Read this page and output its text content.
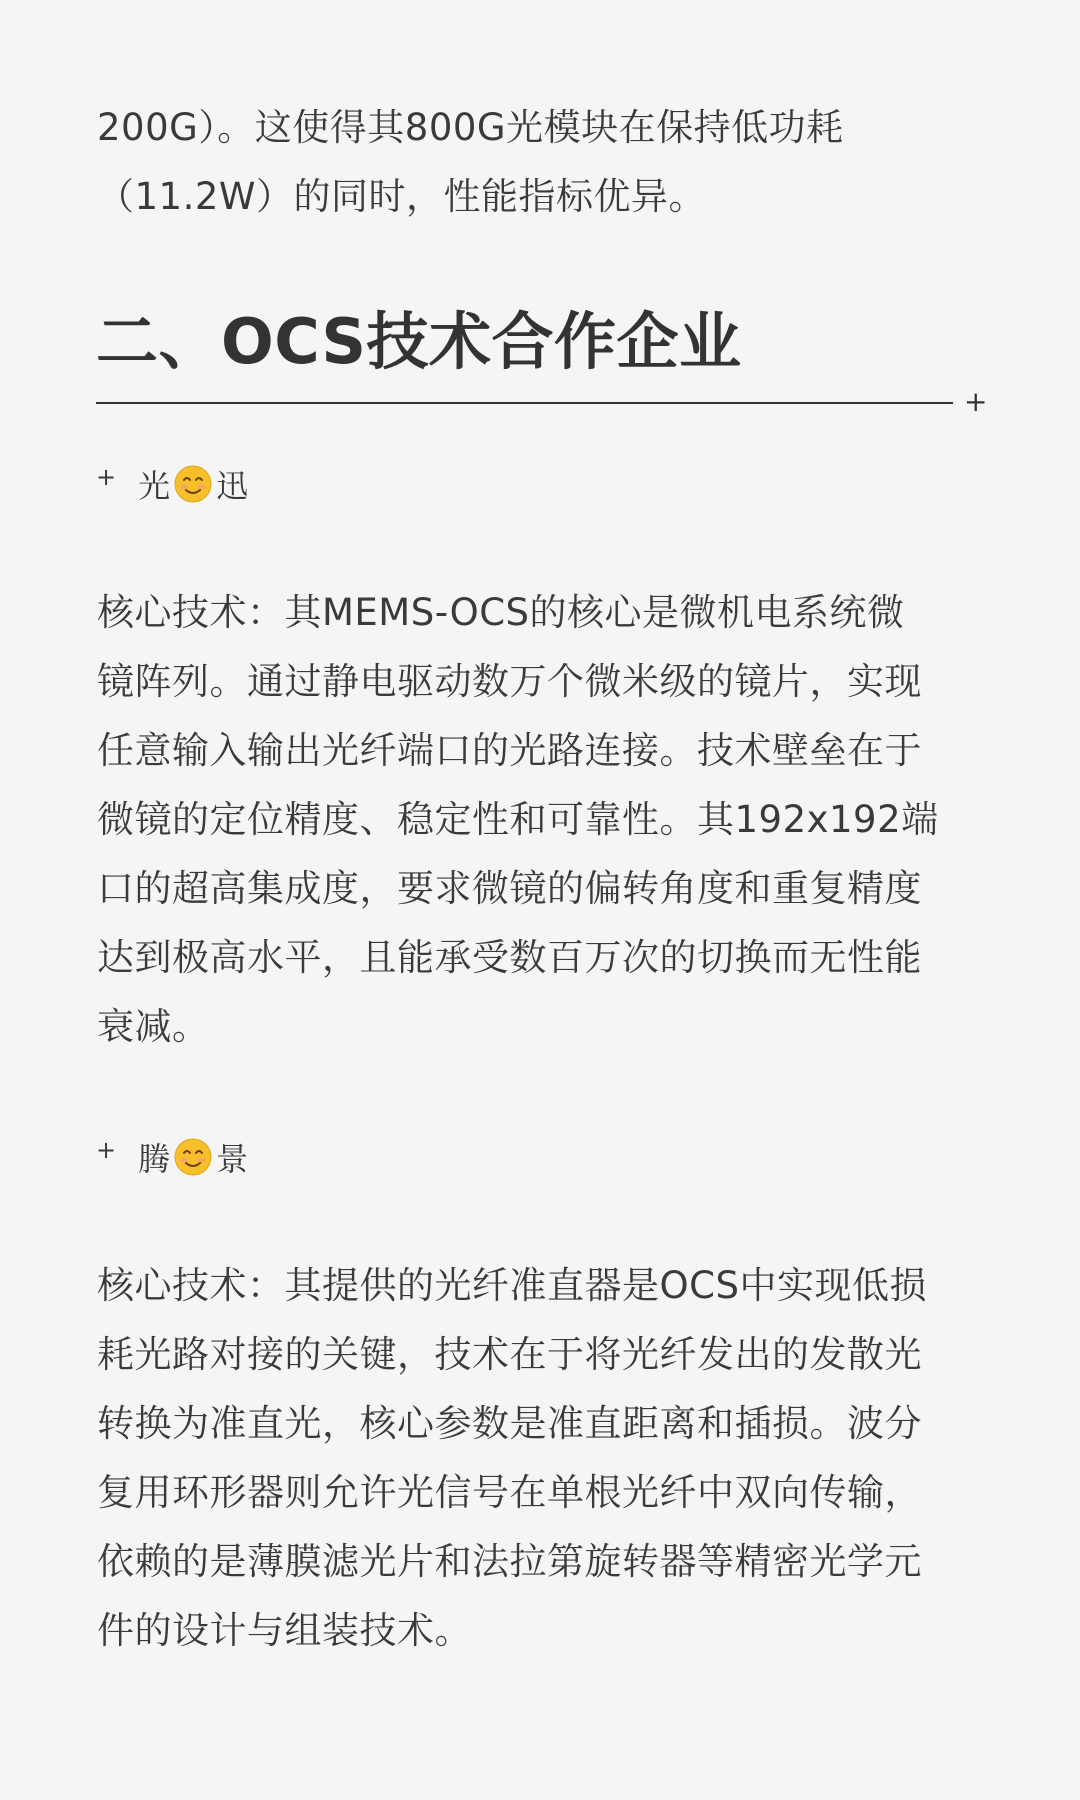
200G）。这使得其800G光模块在保持低功耗
（11.2W）的同时，性能指标优异。

二、OCS技术合作企业
+
+ 光 迅

核心技术：其MEMS-OCS的核心是微机电系统微
镜阵列。通过静电驱动数万个微米级的镜片，实现
任意输入输出光纤端口的光路连接。技术壁垒在于
微镜的定位精度、稳定性和可靠性。其192x192端
口的超高集成度，要求微镜的偏转角度和重复精度
达到极高水平，且能承受数百万次的切换而无性能
衰减。

+ 腾 景

核心技术：其提供的光纤准直器是OCS中实现低损
耗光路对接的关键，技术在于将光纤发出的发散光
转换为准直光，核心参数是准直距离和插损。波分
复用环形器则允许光信号在单根光纤中双向传输，
依赖的是薄膜滤光片和法拉第旋转器等精密光学元
件的设计与组装技术。
